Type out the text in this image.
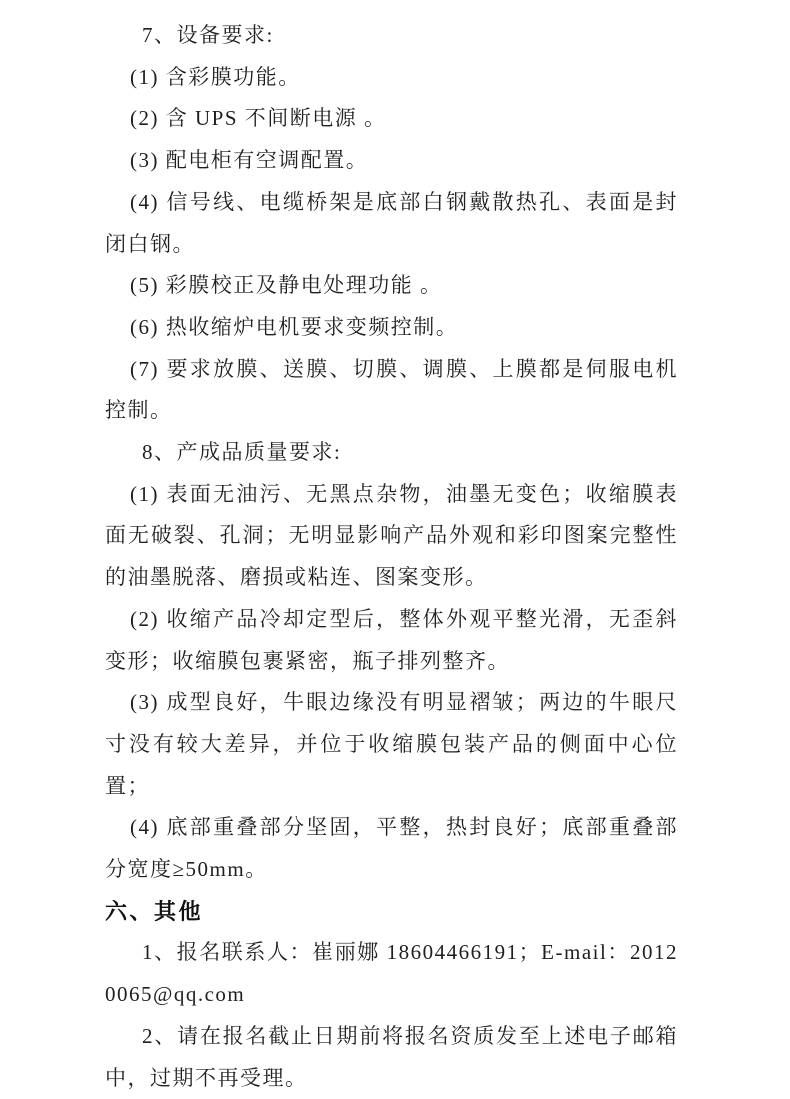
7、设备要求:

(1) 含彩膜功能。

(2) 含 UPS 不间断电源 。

(3) 配电柜有空调配置。

(4) 信号线、电缆桥架是底部白钢戴散热孔、表面是封闭白钢。

(5) 彩膜校正及静电处理功能 。

(6) 热收缩炉电机要求变频控制。

(7) 要求放膜、送膜、切膜、调膜、上膜都是伺服电机控制。

8、产成品质量要求:

(1) 表面无油污、无黑点杂物，油墨无变色；收缩膜表面无破裂、孔洞；无明显影响产品外观和彩印图案完整性的油墨脱落、磨损或粘连、图案变形。

(2) 收缩产品冷却定型后，整体外观平整光滑，无歪斜变形；收缩膜包裹紧密，瓶子排列整齐。

(3) 成型良好，牛眼边缘没有明显褶皱；两边的牛眼尺寸没有较大差异，并位于收缩膜包装产品的侧面中心位置；

(4) 底部重叠部分坚固，平整，热封良好；底部重叠部分宽度≥50mm。

六、其他

1、报名联系人：崔丽娜 18604466191；E-mail：20120065@qq.com

2、请在报名截止日期前将报名资质发至上述电子邮箱中，过期不再受理。
